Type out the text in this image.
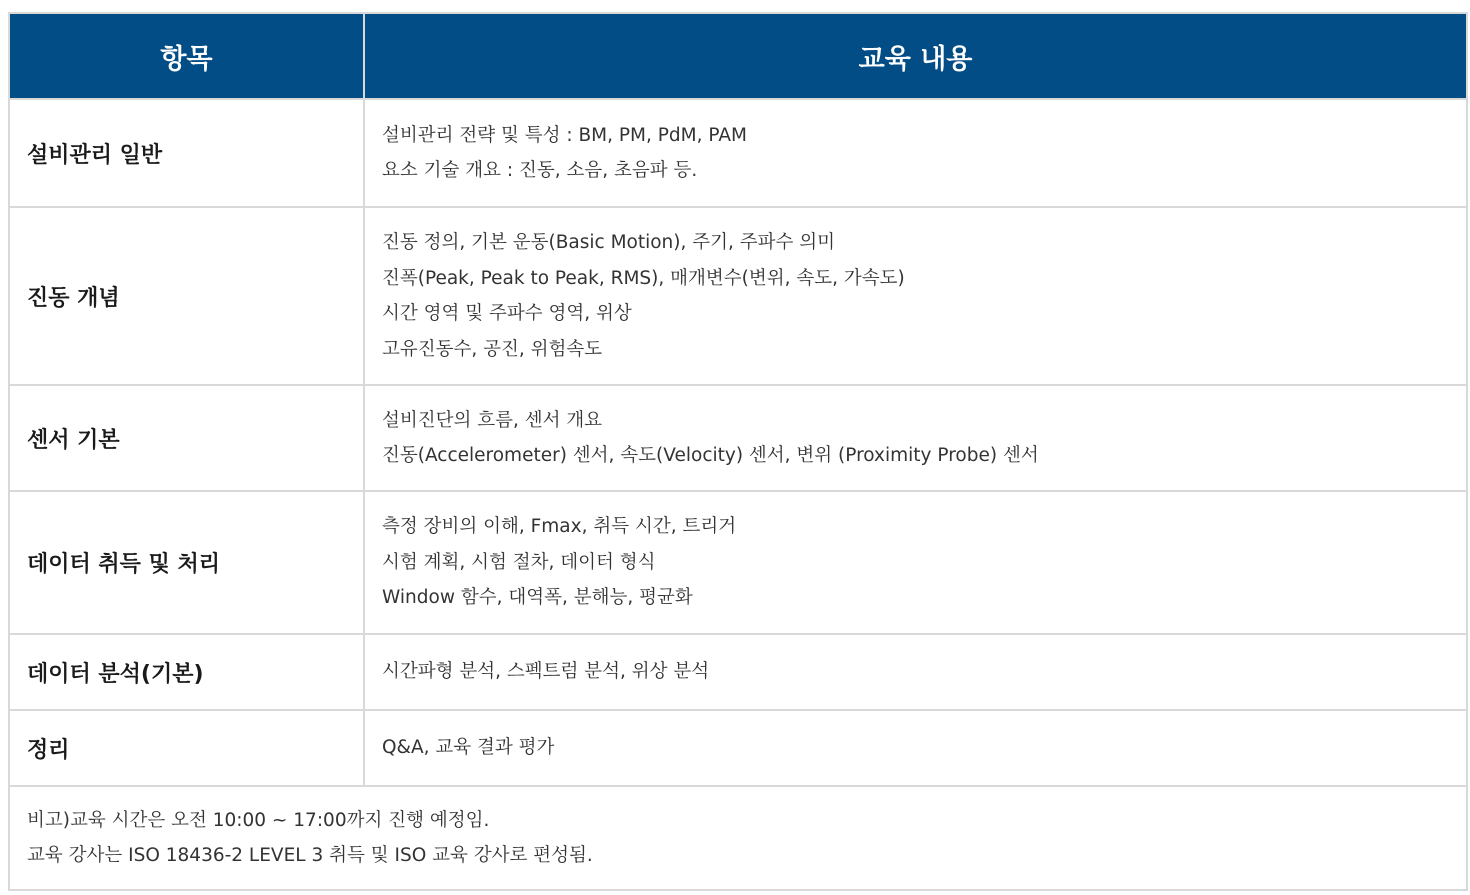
항목	교육 내용
설비관리 일반	설비관리 전략 및 특성 : BM, PM, PdM, PAM
요소 기술 개요 : 진동, 소음, 초음파 등.

진동 개념	진동 정의, 기본 운동(Basic Motion), 주기, 주파수 의미
진폭(Peak, Peak to Peak, RMS), 매개변수(변위, 속도, 가속도)
시간 영역 및 주파수 영역, 위상
고유진동수, 공진, 위험속도

센서 기본	설비진단의 흐름, 센서 개요
진동(Accelerometer) 센서, 속도(Velocity) 센서, 변위 (Proximity Probe) 센서

데이터 취득 및 처리	측정 장비의 이해, Fmax, 취득 시간, 트리거
시험 계획, 시험 절차, 데이터 형식
Window 함수, 대역폭, 분해능, 평균화

데이터 분석(기본)	시간파형 분석, 스펙트럼 분석, 위상 분석

정리	Q&A, 교육 결과 평가

비고)교육 시간은 오전 10:00 ~ 17:00까지 진행 예정임.
교육 강사는 ISO 18436-2 LEVEL 3 취득 및 ISO 교육 강사로 편성됨.	
